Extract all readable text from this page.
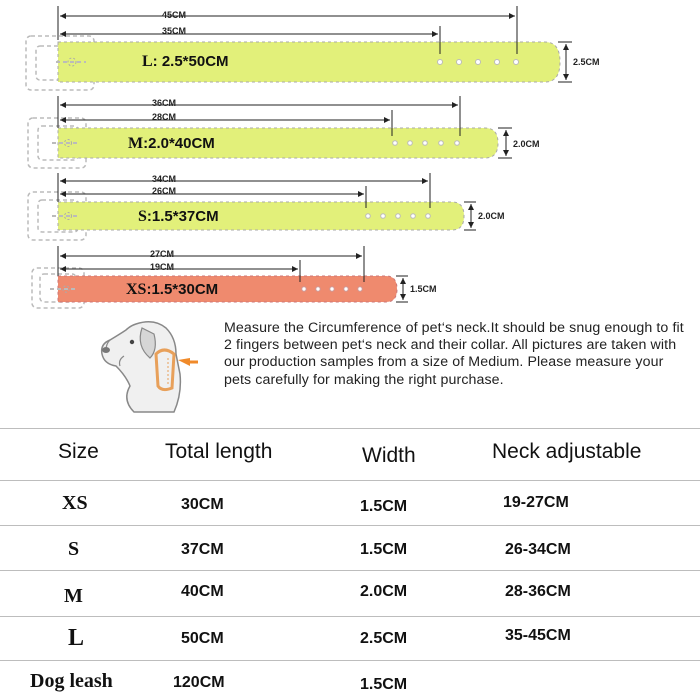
45CM
35CM
L: 2.5*50CM	2.5CM
36CM
28CM
M:2.0*40CM	2.0CM
34CM
26CM
S:1.5*37CM	2.0CM
27CM
19CM
XS:1.5*30CM	1.5CM

Measure the Circumference of pet‘s neck.It should be snug enough to fit 2 fingers between pet‘s neck and their collar. All pictures are taken with our production samples from a size of Medium. Please measure your pets carefully for making the right purchase.

Size	Total length	Width	Neck adjustable
XS	30CM	1.5CM	19-27CM
S	37CM	1.5CM	26-34CM
M	40CM	2.0CM	28-36CM
L	50CM	2.5CM	35-45CM
Dog leash	120CM	1.5CM
